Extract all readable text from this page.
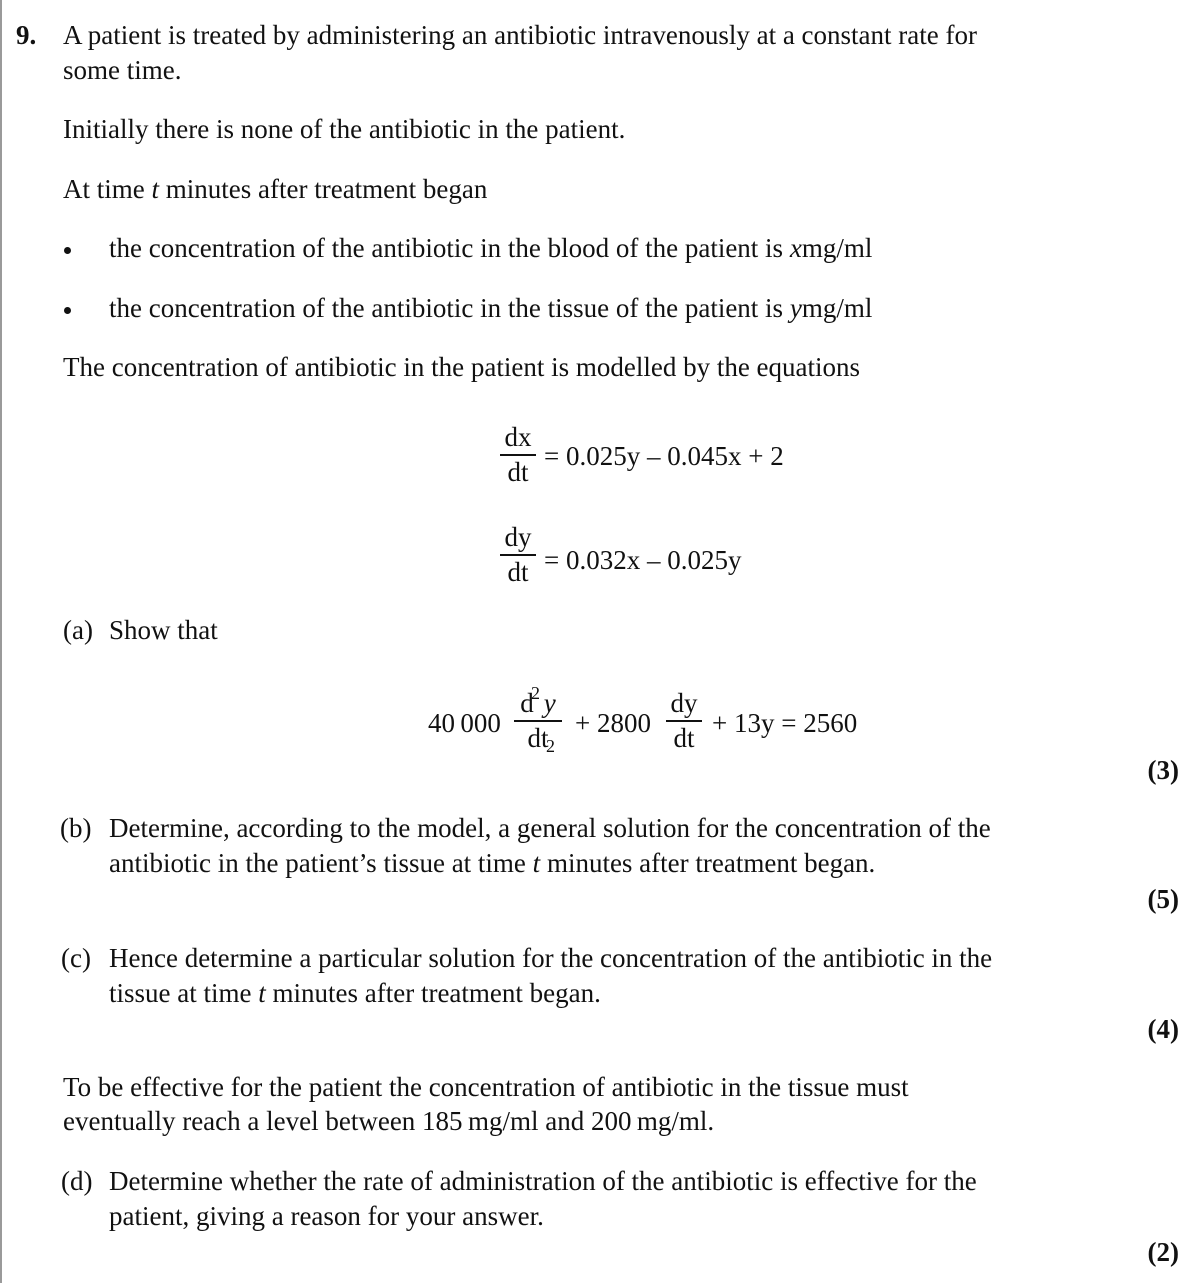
9. A patient is treated by administering an antibiotic intravenously at a constant rate for
some time.
Initially there is none of the antibiotic in the patient.
At time t minutes after treatment began
the concentration of the antibiotic in the blood of the patient is xmg/ml
the concentration of the antibiotic in the tissue of the patient is ymg/ml
The concentration of antibiotic in the patient is modelled by the equations
dx
dt
= 0.025y – 0.045x + 2
dy
dt = 0.032x – 0.025y
(a) Show that
40 000
d y
dt
2
2
+ 2800
dy
dt + 13y = 2560
(3)
(b) Determine, according to the model, a general solution for the concentration of the
antibiotic in the patient’s tissue at time t minutes after treatment began.
(5)
(c) Hence determine a particular solution for the concentration of the antibiotic in the
tissue at time t minutes after treatment began.
(4)
To be effective for the patient the concentration of antibiotic in the tissue must
eventually reach a level between 185 mg/ml and 200 mg/ml.
(d) Determine whether the rate of administration of the antibiotic is effective for the
patient, giving a reason for your answer.
(2)
